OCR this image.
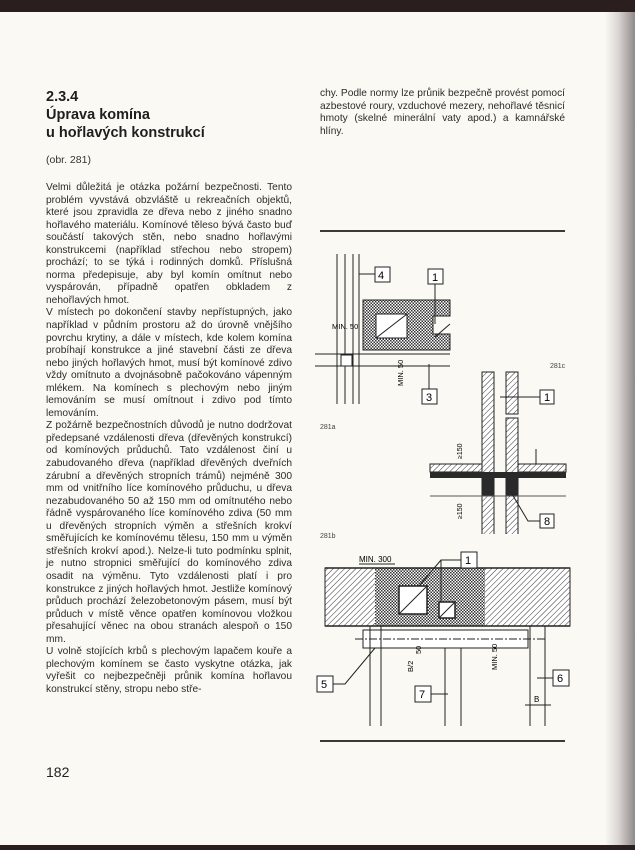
2.3.4
Úprava komína
u hořlavých konstrukcí
(obr. 281)

Velmi důležitá je otázka požární bezpečnosti. Tento problém vyvstává obzvláště u rekreačních objektů, které jsou zpravidla ze dřeva nebo z jiného snadno hořlavého materiálu. Komínové těleso bývá často buď součástí takových stěn, nebo snadno hořlavými konstrukcemi (například střechou nebo stropem) prochází; to se týká i rodinných domků. Příslušná norma předepisuje, aby byl komín omítnut nebo vyspárován, případně opatřen obkladem z nehořlavých hmot.

V místech po dokončení stavby nepřístupných, jako například v půdním prostoru až do úrovně vnějšího povrchu krytiny, a dále v místech, kde kolem komína probíhají konstrukce a jiné stavební části ze dřeva nebo jiných hořlavých hmot, musí být komínové zdivo vždy omítnuto a dvojnásobně pačokováno vápenným mlékem. Na komínech s plechovým nebo jiným lemováním se musí omítnout i zdivo pod tímto lemováním.

Z požárně bezpečnostních důvodů je nutno dodržovat předepsané vzdálenosti dřeva (dřevěných konstrukcí) od komínových průduchů. Tato vzdálenost činí u zabudovaného dřeva (například dřevěných dveřních zárubní a dřevěných stropních trámů) nejméně 300 mm od vnitřního líce komínového průduchu, u dřeva nezabudovaného 50 až 150 mm od omítnutého nebo řádně vyspárovaného líce komínového zdiva (50 mm u dřevěných stropních výměn a střešních krokví směřujících ke komínovému tělesu, 150 mm u výměn střešních krokví apod.). Nelze-li tuto podmínku splnit, je nutno stropnici směřující do komínového zdiva osadit na výměnu. Tyto vzdálenosti platí i pro konstrukce z jiných hořlavých hmot. Jestliže komínový průduch prochází železobetonovým pásem, musí být průduch v místě věnce opatřen komínovou vložkou přesahující věnec na obou stranách alespoň o 150 mm.

U volně stojících krbů s plechovým lapačem kouře a plechovým komínem se často vyskytne otázka, jak vyřešit co nejbezpečněji průnik komína hořlavou konstrukcí stěny, stropu nebo stře-

182

chy. Podle normy lze průnik bezpečně provést pomocí azbestové roury, vzduchové mezery, nehořlavé těsnicí hmoty (skelné minerální vaty apod.) a kamnářské hlíny.

4	1
3
MIN. 50
MIN. 50
281a
281c
1
8
≥150
≥150
281b
MIN. 300	1
5
7
6
50
B/2	MIN. 50
B
